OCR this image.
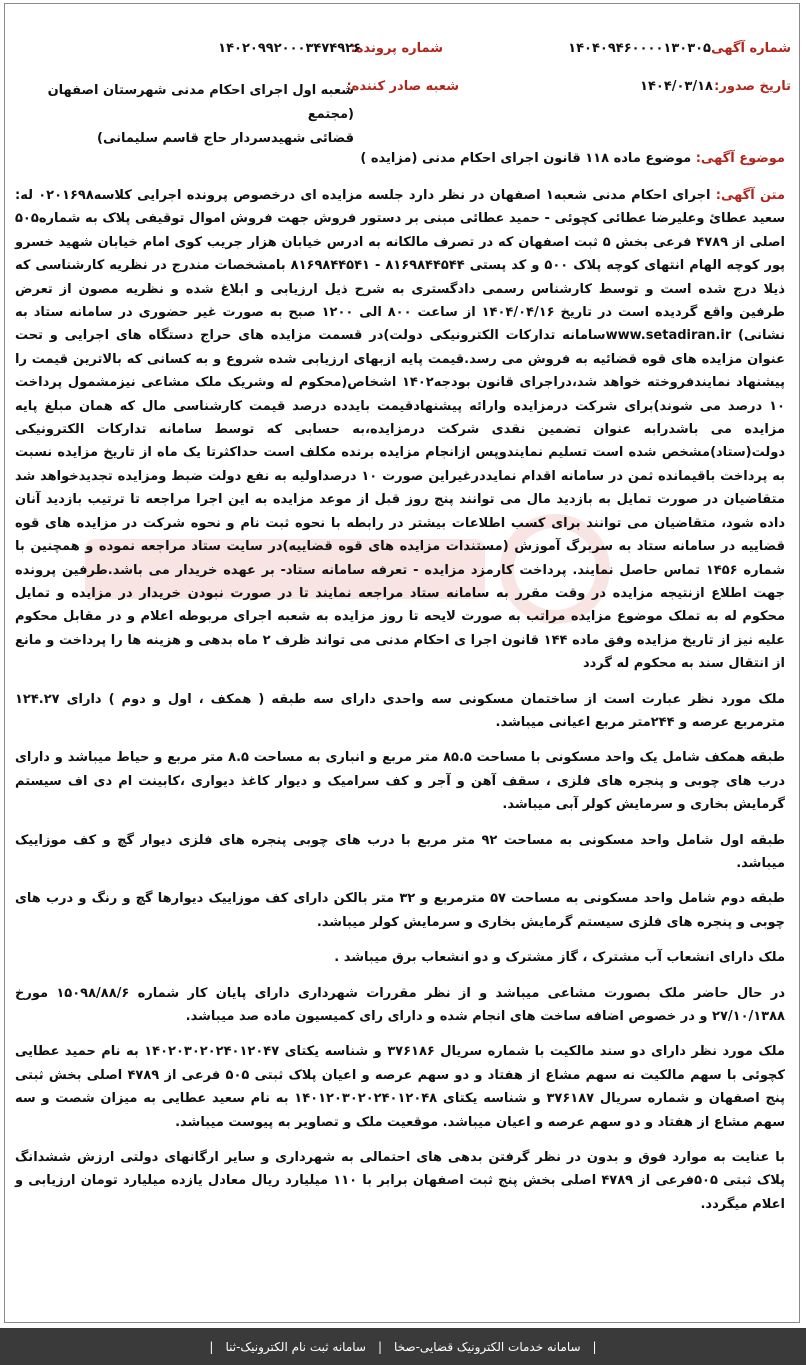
شماره آگهی:
۱۴۰۴۰۹۴۶۰۰۰۰۱۳۰۳۰۵
شماره پرونده:
۱۴۰۲۰۹۹۲۰۰۰۳۴۷۴۹۲۶
تاریخ صدور:
۱۴۰۴/۰۳/۱۸
شعبه صادر کننده:
شعبه اول اجرای احکام مدنی شهرستان اصفهان (مجتمع
قضائی شهیدسردار حاج قاسم سلیمانی)
موضوع آگهی: موضوع ماده ۱۱۸ قانون اجرای احکام مدنی (مزایده )

متن آگهی: اجرای احکام مدنی شعبه۱ اصفهان در نظر دارد جلسه مزایده ای درخصوص پرونده اجرایی کلاسه۰۲۰۱۶۹۸ له: سعید عطائ وعلیرضا عطائی کچوئی - حمید عطائی مبنی بر دستور فروش جهت فروش اموال توقیفی پلاک به شماره۵۰۵ اصلی از ۴۷۸۹ فرعی بخش ۵ ثبت اصفهان که در تصرف مالکانه به ادرس خیابان هزار جریب کوی امام خیابان شهید خسرو پور کوچه الهام انتهای کوچه پلاک ۵۰۰ و کد پستی ۸۱۶۹۸۴۴۵۴۴ - ۸۱۶۹۸۴۴۵۴۱ بامشخصات مندرج در نظریه کارشناسی که ذیلا درج شده است و توسط کارشناس رسمی دادگستری به شرح ذیل ارزیابی و ابلاغ شده و نظریه مصون از تعرض طرفین واقع گردیده است در تاریخ ۱۴۰۴/۰۴/۱۶ از ساعت ۸۰۰ الی ۱۲۰۰ صبح به صورت غیر حضوری در سامانه ستاد به نشانی) www.setadiran.irسامانه تدارکات الکترونیکی دولت)در قسمت مزایده های حراج دستگاه های اجرایی و تحت عنوان مزایده های قوه قضائیه به فروش می رسد.قیمت پایه ازبهای ارزیابی شده شروع و به کسانی که بالاترین قیمت را پیشنهاد نمایندفروخته خواهد شد،دراجرای قانون بودجه۱۴۰۲ اشخاص(محکوم له وشریک ملک مشاعی نیزمشمول پرداخت ۱۰ درصد می شوند)برای شرکت درمزایده وارائه پیشنهادقیمت بایدده درصد قیمت کارشناسی مال که همان مبلغ پایه مزایده می باشدرابه عنوان تضمین نقدی شرکت درمزایده،به حسابی که توسط سامانه تدارکات الکترونیکی دولت(ستاد)مشخص شده است تسلیم نمایندوپس ازانجام مزایده برنده مکلف است حداکثرتا یک ماه از تاریخ مزایده نسبت به پرداخت باقیمانده ثمن در سامانه اقدام نمایددرغیراین صورت ۱۰ درصداولیه به نفع دولت ضبط ومزایده تجدیدخواهد شد متقاضیان در صورت تمایل به بازدید مال می توانند پنج روز قبل از موعد مزایده به این اجرا مراجعه تا ترتیب بازدید آنان داده شود، متقاضیان می توانند برای کسب اطلاعات بیشتر در رابطه با نحوه ثبت نام و نحوه شرکت در مزایده های قوه قضاییه در سامانه ستاد به سربرگ آموزش (مستندات مزایده های قوه قضاییه)در سایت ستاد مراجعه نموده و همچنین با شماره ۱۴۵۶ تماس حاصل نمایند. پرداخت کارمزد مزایده - تعرفه سامانه ستاد- بر عهده خریدار می باشد.طرفین پرونده جهت اطلاع ازنتیجه مزایده در وقت مقرر به سامانه ستاد مراجعه نمایند تا در صورت نبودن خریدار در مزایده و تمایل محکوم له به تملک موضوع مزایده مراتب به صورت لایحه تا روز مزایده به شعبه اجرای مربوطه اعلام و در مقابل محکوم علیه نیز از تاریخ مزایده وفق ماده ۱۴۴ قانون اجرا ی احکام مدنی می تواند ظرف ۲ ماه بدهی و هزینه ها را پرداخت و مانع از انتقال سند به محکوم له گردد

ملک مورد نظر عبارت است از ساختمان مسکونی سه واحدی دارای سه طبقه ( همکف ، اول و دوم ) دارای ۱۲۴.۲۷ مترمربع عرصه و ۲۴۴متر مربع اعیانی میباشد.

طبقه همکف شامل یک واحد مسکونی با مساحت ۸۵.۵ متر مربع و انباری به مساحت ۸.۵ متر مربع و حیاط میباشد و دارای درب های چوبی و پنجره های فلزی ، سقف آهن و آجر و کف سرامیک و دیوار کاغذ دیواری ،کابینت ام دی اف سیستم گرمایش بخاری و سرمایش کولر آبی میباشد.

طبقه اول شامل واحد مسکونی به مساحت ۹۲ متر مربع با درب های چوبی پنجره های فلزی دیوار گچ و کف موزاییک میباشد.

طبقه دوم شامل واحد مسکونی به مساحت ۵۷ مترمربع و ۳۲ متر بالکن دارای کف موزاییک دیوارها گچ و رنگ و درب های چوبی و پنجره های فلزی سیستم گرمایش بخاری و سرمایش کولر میباشد.

ملک دارای انشعاب آب مشترک ، گاز مشترک و دو انشعاب برق میباشد .

در حال حاضر ملک بصورت مشاعی میباشد و از نظر مقررات شهرداری دارای پایان کار شماره ۱۵۰۹۸/۸۸/۶ مورخ ۲۷/۱۰/۱۳۸۸ و در خصوص اضافه ساخت های انجام شده و دارای رای کمیسیون ماده صد میباشد.

ملک مورد نظر دارای دو سند مالکیت با شماره سریال ۳۷۶۱۸۶ و شناسه یکتای ۱۴۰۲۰۳۰۲۰۲۴۰۱۲۰۴۷ به نام حمید عطایی کچوئی با سهم مالکیت نه سهم مشاع از هفتاد و دو سهم عرصه و اعیان پلاک ثبتی ۵۰۵ فرعی از ۴۷۸۹ اصلی بخش ثبتی پنج اصفهان و شماره سریال ۳۷۶۱۸۷ و شناسه یکتای ۱۴۰۱۲۰۳۰۲۰۲۴۰۱۲۰۴۸ به نام سعید عطایی به میزان شصت و سه سهم مشاع از هفتاد و دو سهم عرصه و اعیان میباشد. موقعیت ملک و تصاویر به پیوست میباشد.

با عنایت به موارد فوق و بدون در نظر گرفتن بدهی های احتمالی به شهرداری و سایر ارگانهای دولتی ارزش ششدانگ پلاک ثبتی ۵۰۵فرعی از ۴۷۸۹ اصلی بخش پنج ثبت اصفهان برابر با ۱۱۰ میلیارد ریال معادل یازده میلیارد تومان ارزیابی و اعلام میگردد.

|
سامانه خدمات الکترونیک قضایی-صخا
|
سامانه ثبت نام الکترونیک-ثنا
|
